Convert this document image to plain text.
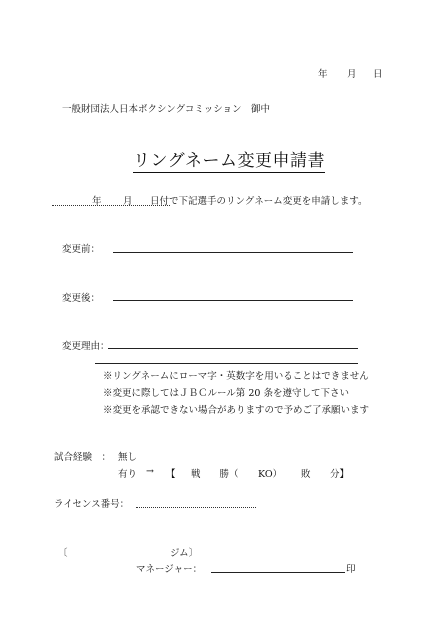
年 月 日
一般財団法人日本ボクシングコミッション　御中
リングネーム変更申請書
年 月 日付で下記選手のリングネーム変更を申請します。
変更前：
変更後：
変更理由：
※リングネームにローマ字・英数字を用いることはできません
※変更に際してはＪＢＣルール第 20 条を遵守して下さい
※変更を承認できない場合がありますので予めご了承願います
試合経験　： 無し
有り → 【 戦　　勝（ KO） 敗 分】
ライセンス番号：
〔	ジム〕
マネージャー：	印
